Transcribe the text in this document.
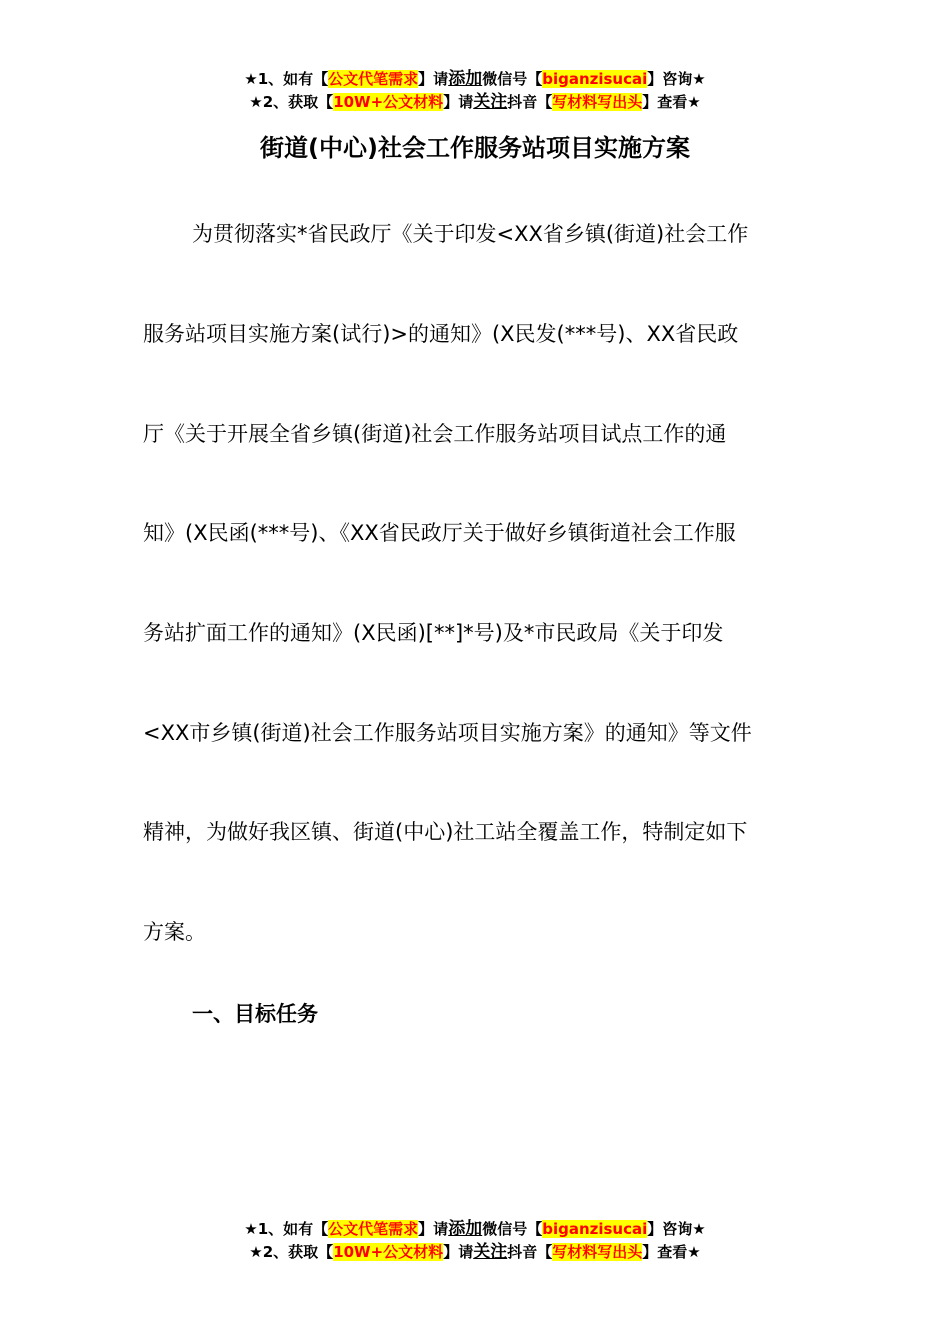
★1、如有【公文代笔需求】请添加微信号【biganzisucai】咨询★
★2、获取【10W+公文材料】请关注抖音【写材料写出头】查看★
街道(中心)社会工作服务站项目实施方案
为贯彻落实*省民政厅《关于印发<XX省乡镇(街道)社会工作
服务站项目实施方案(试行)>的通知》(X民发(***号)、XX省民政
厅《关于开展全省乡镇(街道)社会工作服务站项目试点工作的通
知》(X民函(***号)、《XX省民政厅关于做好乡镇街道社会工作服
务站扩面工作的通知》(X民函)[**]*号)及*市民政局《关于印发
<XX市乡镇(街道)社会工作服务站项目实施方案》的通知》等文件
精神，为做好我区镇、街道(中心)社工站全覆盖工作，特制定如下
方案。
一、目标任务
★1、如有【公文代笔需求】请添加微信号【biganzisucai】咨询★
★2、获取【10W+公文材料】请关注抖音【写材料写出头】查看★
